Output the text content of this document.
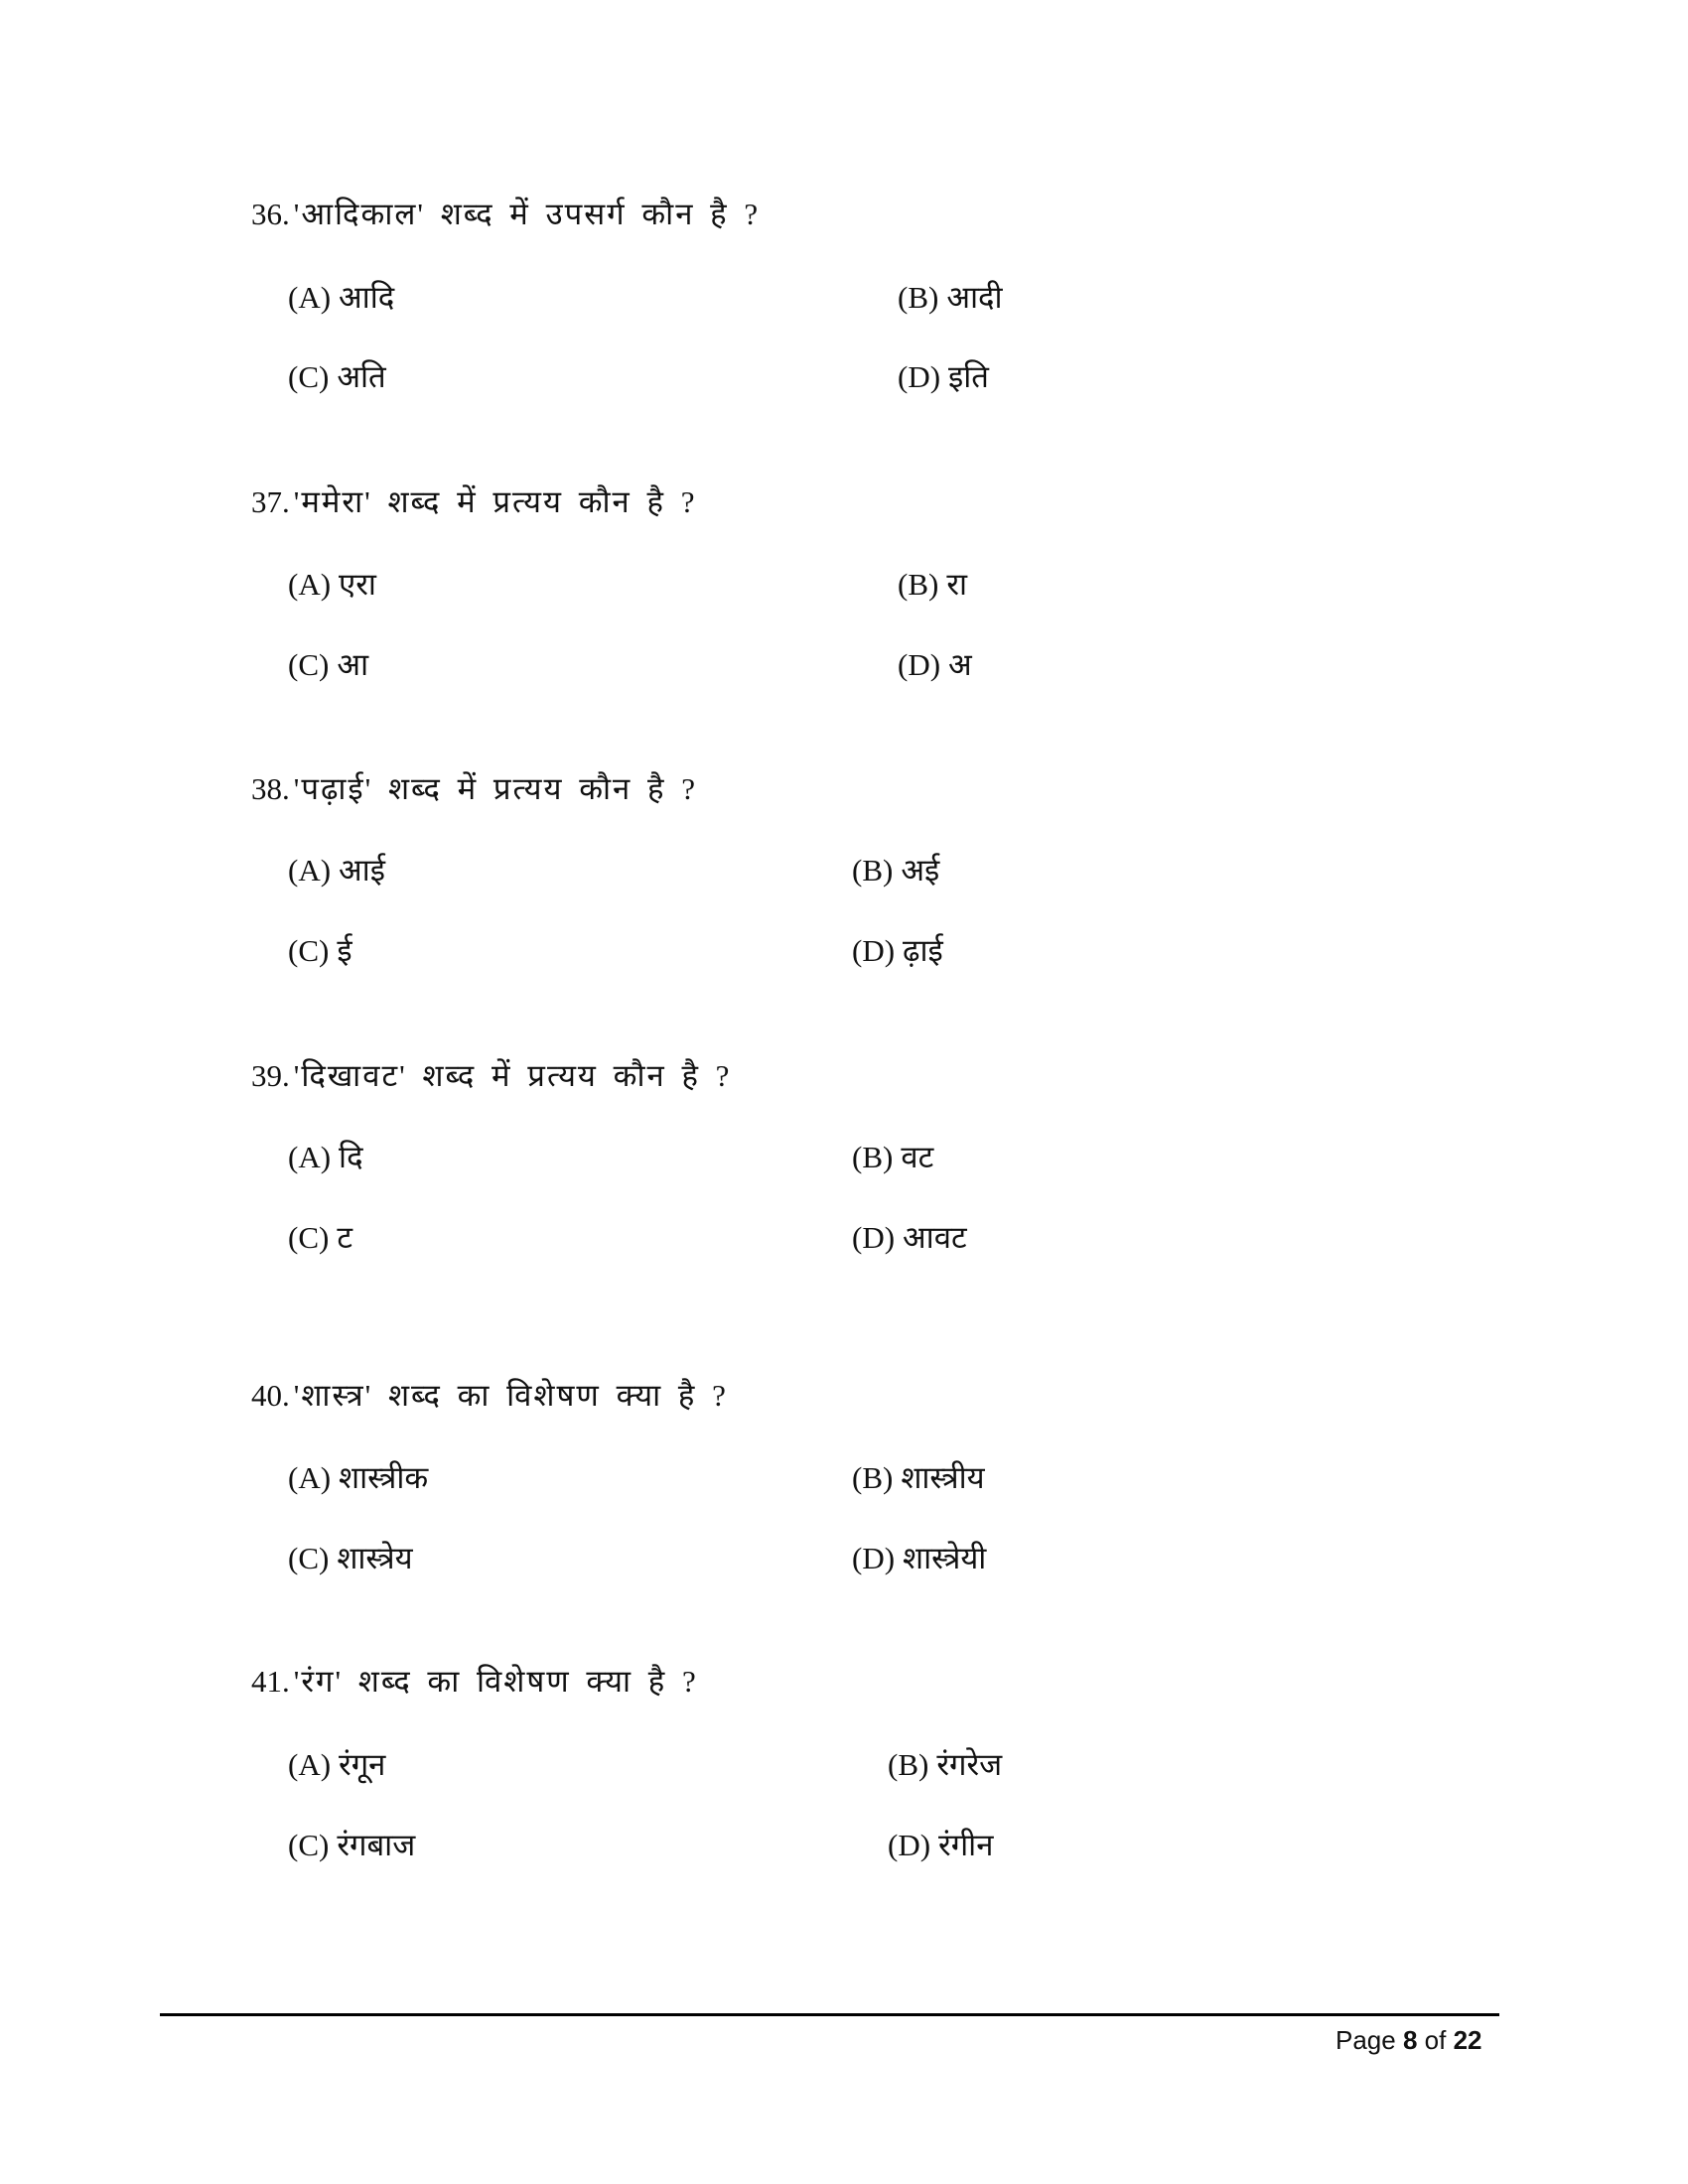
36. 'आदिकाल' शब्द में उपसर्ग कौन है ?
(A) आदि	(B) आदी
(C) अति	(D) इति
37. 'ममेरा' शब्द में प्रत्यय कौन है ?
(A) एरा	(B) रा
(C) आ	(D) अ
38. 'पढ़ाई' शब्द में प्रत्यय कौन है ?
(A) आई	(B) अई
(C) ई	(D) ढ़ाई
39. 'दिखावट' शब्द में प्रत्यय कौन है ?
(A) दि	(B) वट
(C) ट	(D) आवट
40. 'शास्त्र' शब्द का विशेषण क्या है ?
(A) शास्त्रीक	(B) शास्त्रीय
(C) शास्त्रेय	(D) शास्त्रेयी
41. 'रंग' शब्द का विशेषण क्या है ?
(A) रंगून	(B) रंगरेज
(C) रंगबाज	(D) रंगीन
Page 8 of 22
